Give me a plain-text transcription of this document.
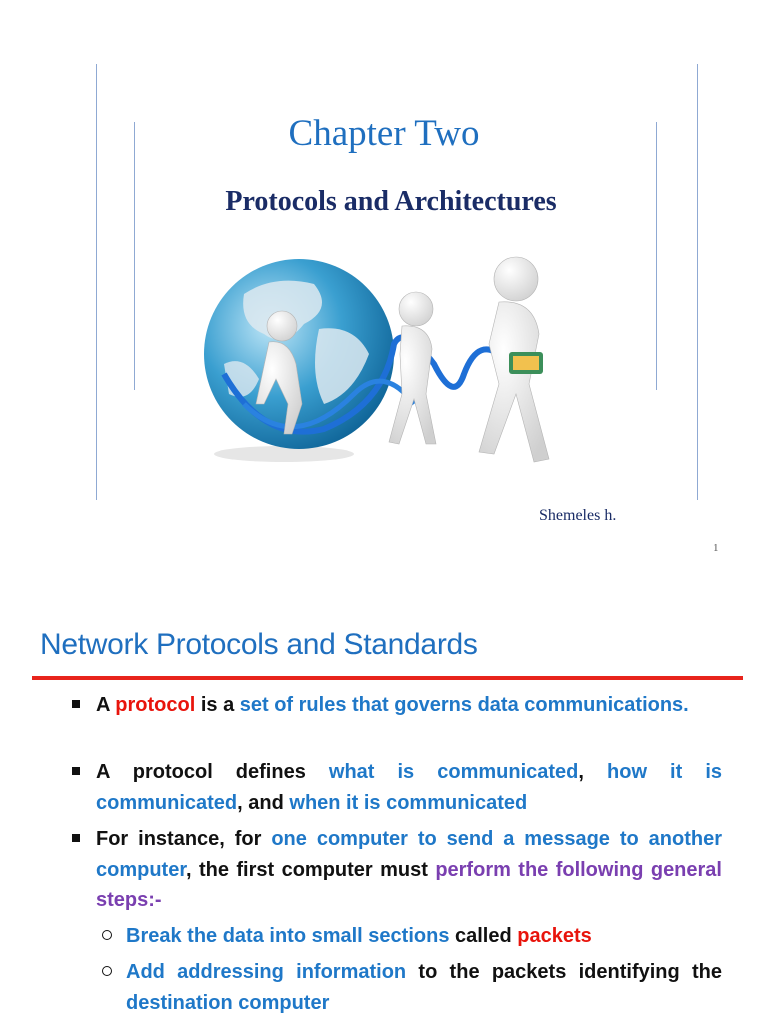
Chapter Two
Protocols and Architectures
Shemeles h.
1
Network Protocols and Standards
A protocol is a set of rules that governs data communications.
A protocol defines what is communicated, how it is communicated, and when it is communicated
For instance, for one computer to send a message to another computer, the first computer must perform the following general steps:-
Break the data into small sections called packets
Add addressing information to the packets identifying the destination computer
